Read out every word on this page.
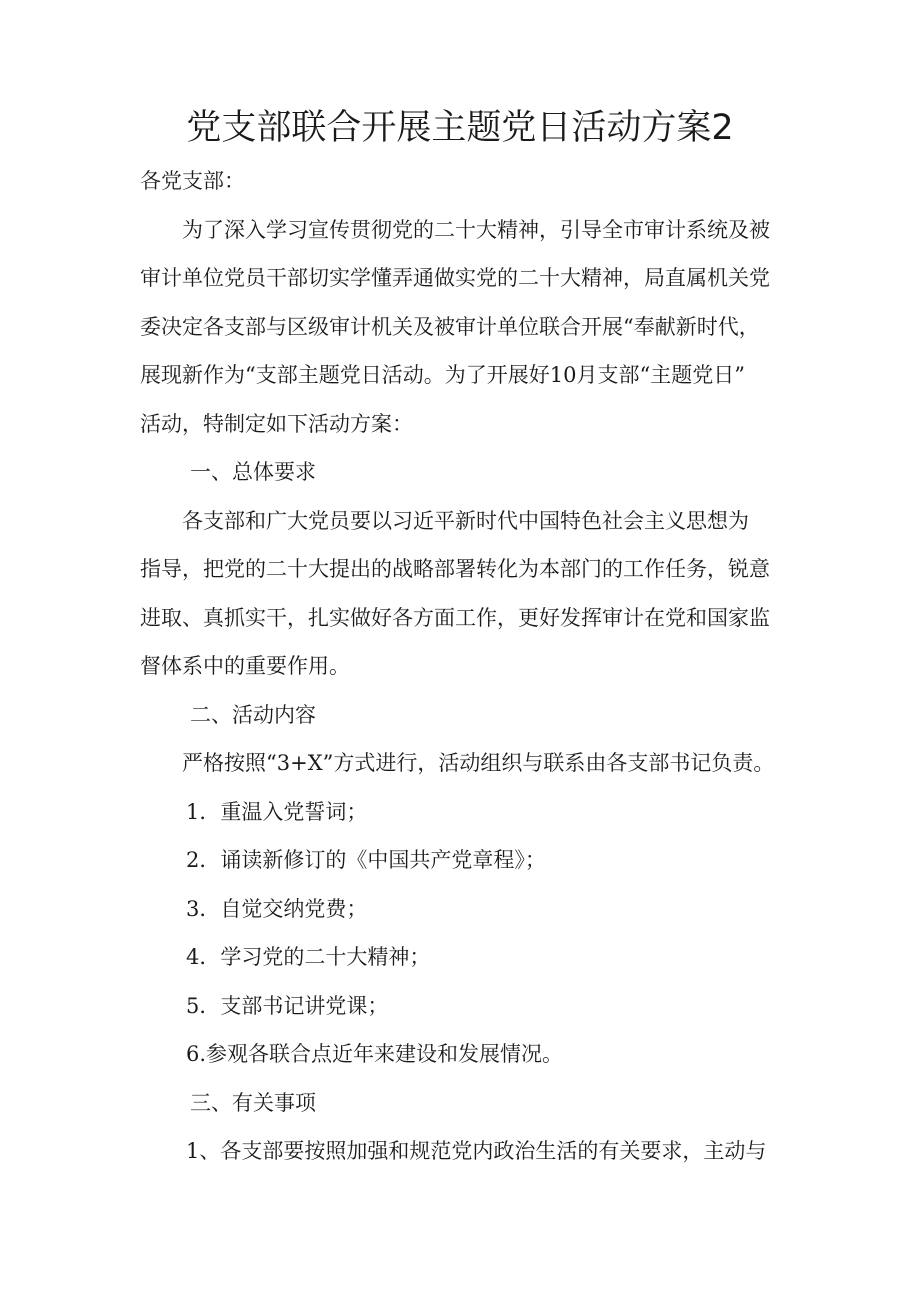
党支部联合开展主题党日活动方案2
各党支部：
为了深入学习宣传贯彻党的二十大精神，引导全市审计系统及被
审计单位党员干部切实学懂弄通做实党的二十大精神，局直属机关党
委决定各支部与区级审计机关及被审计单位联合开展“奉献新时代，
展现新作为“支部主题党日活动。为了开展好10月支部“主题党日”
活动，特制定如下活动方案：
一、总体要求
各支部和广大党员要以习近平新时代中国特色社会主义思想为
指导，把党的二十大提出的战略部署转化为本部门的工作任务，锐意
进取、真抓实干，扎实做好各方面工作，更好发挥审计在党和国家监
督体系中的重要作用。
二、活动内容
严格按照“3+X”方式进行，活动组织与联系由各支部书记负责。
1．重温入党誓词；
2．诵读新修订的《中国共产党章程》；
3．自觉交纳党费；
4．学习党的二十大精神；
5．支部书记讲党课；
6.参观各联合点近年来建设和发展情况。
三、有关事项
1、各支部要按照加强和规范党内政治生活的有关要求，主动与
